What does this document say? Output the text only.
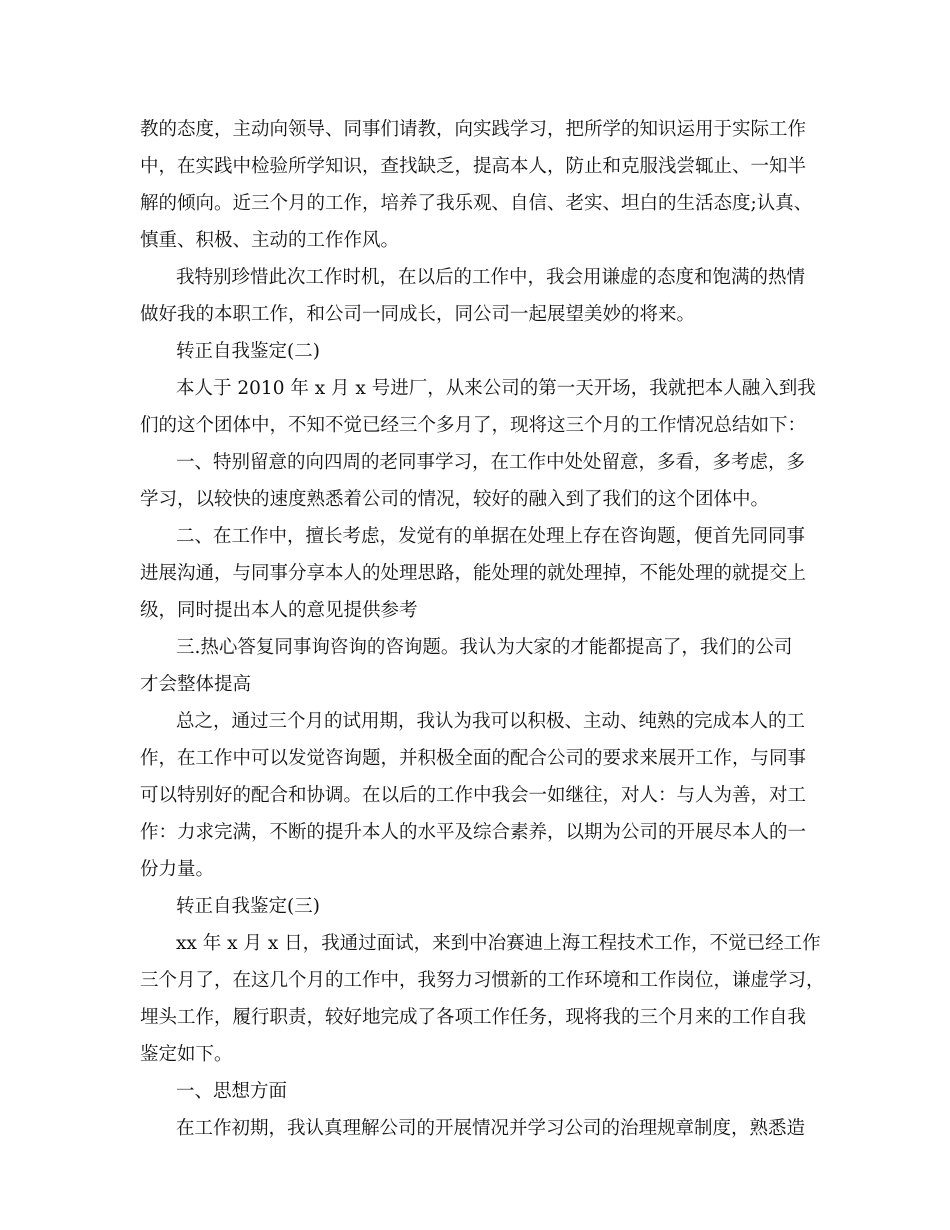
教的态度，主动向领导、同事们请教，向实践学习，把所学的知识运用于实际工作
中，在实践中检验所学知识，查找缺乏，提高本人，防止和克服浅尝辄止、一知半
解的倾向。近三个月的工作，培养了我乐观、自信、老实、坦白的生活态度;认真、
慎重、积极、主动的工作作风。
我特别珍惜此次工作时机，在以后的工作中，我会用谦虚的态度和饱满的热情
做好我的本职工作，和公司一同成长，同公司一起展望美妙的将来。
转正自我鉴定(二)
本人于 2010 年 x 月 x 号进厂，从来公司的第一天开场，我就把本人融入到我
们的这个团体中，不知不觉已经三个多月了，现将这三个月的工作情况总结如下：
一、特别留意的向四周的老同事学习，在工作中处处留意，多看，多考虑，多
学习，以较快的速度熟悉着公司的情况，较好的融入到了我们的这个团体中。
二、在工作中，擅长考虑，发觉有的单据在处理上存在咨询题，便首先同同事
进展沟通，与同事分享本人的处理思路，能处理的就处理掉，不能处理的就提交上
级，同时提出本人的意见提供参考
三.热心答复同事询咨询的咨询题。我认为大家的才能都提高了，我们的公司
才会整体提高
总之，通过三个月的试用期，我认为我可以积极、主动、纯熟的完成本人的工
作，在工作中可以发觉咨询题，并积极全面的配合公司的要求来展开工作，与同事
可以特别好的配合和协调。在以后的工作中我会一如继往，对人：与人为善，对工
作：力求完满，不断的提升本人的水平及综合素养，以期为公司的开展尽本人的一
份力量。
转正自我鉴定(三)
xx 年 x 月 x 日，我通过面试，来到中冶赛迪上海工程技术工作，不觉已经工作
三个月了，在这几个月的工作中，我努力习惯新的工作环境和工作岗位，谦虚学习，
埋头工作，履行职责，较好地完成了各项工作任务，现将我的三个月来的工作自我
鉴定如下。
一、思想方面
在工作初期，我认真理解公司的开展情况并学习公司的治理规章制度，熟悉造
